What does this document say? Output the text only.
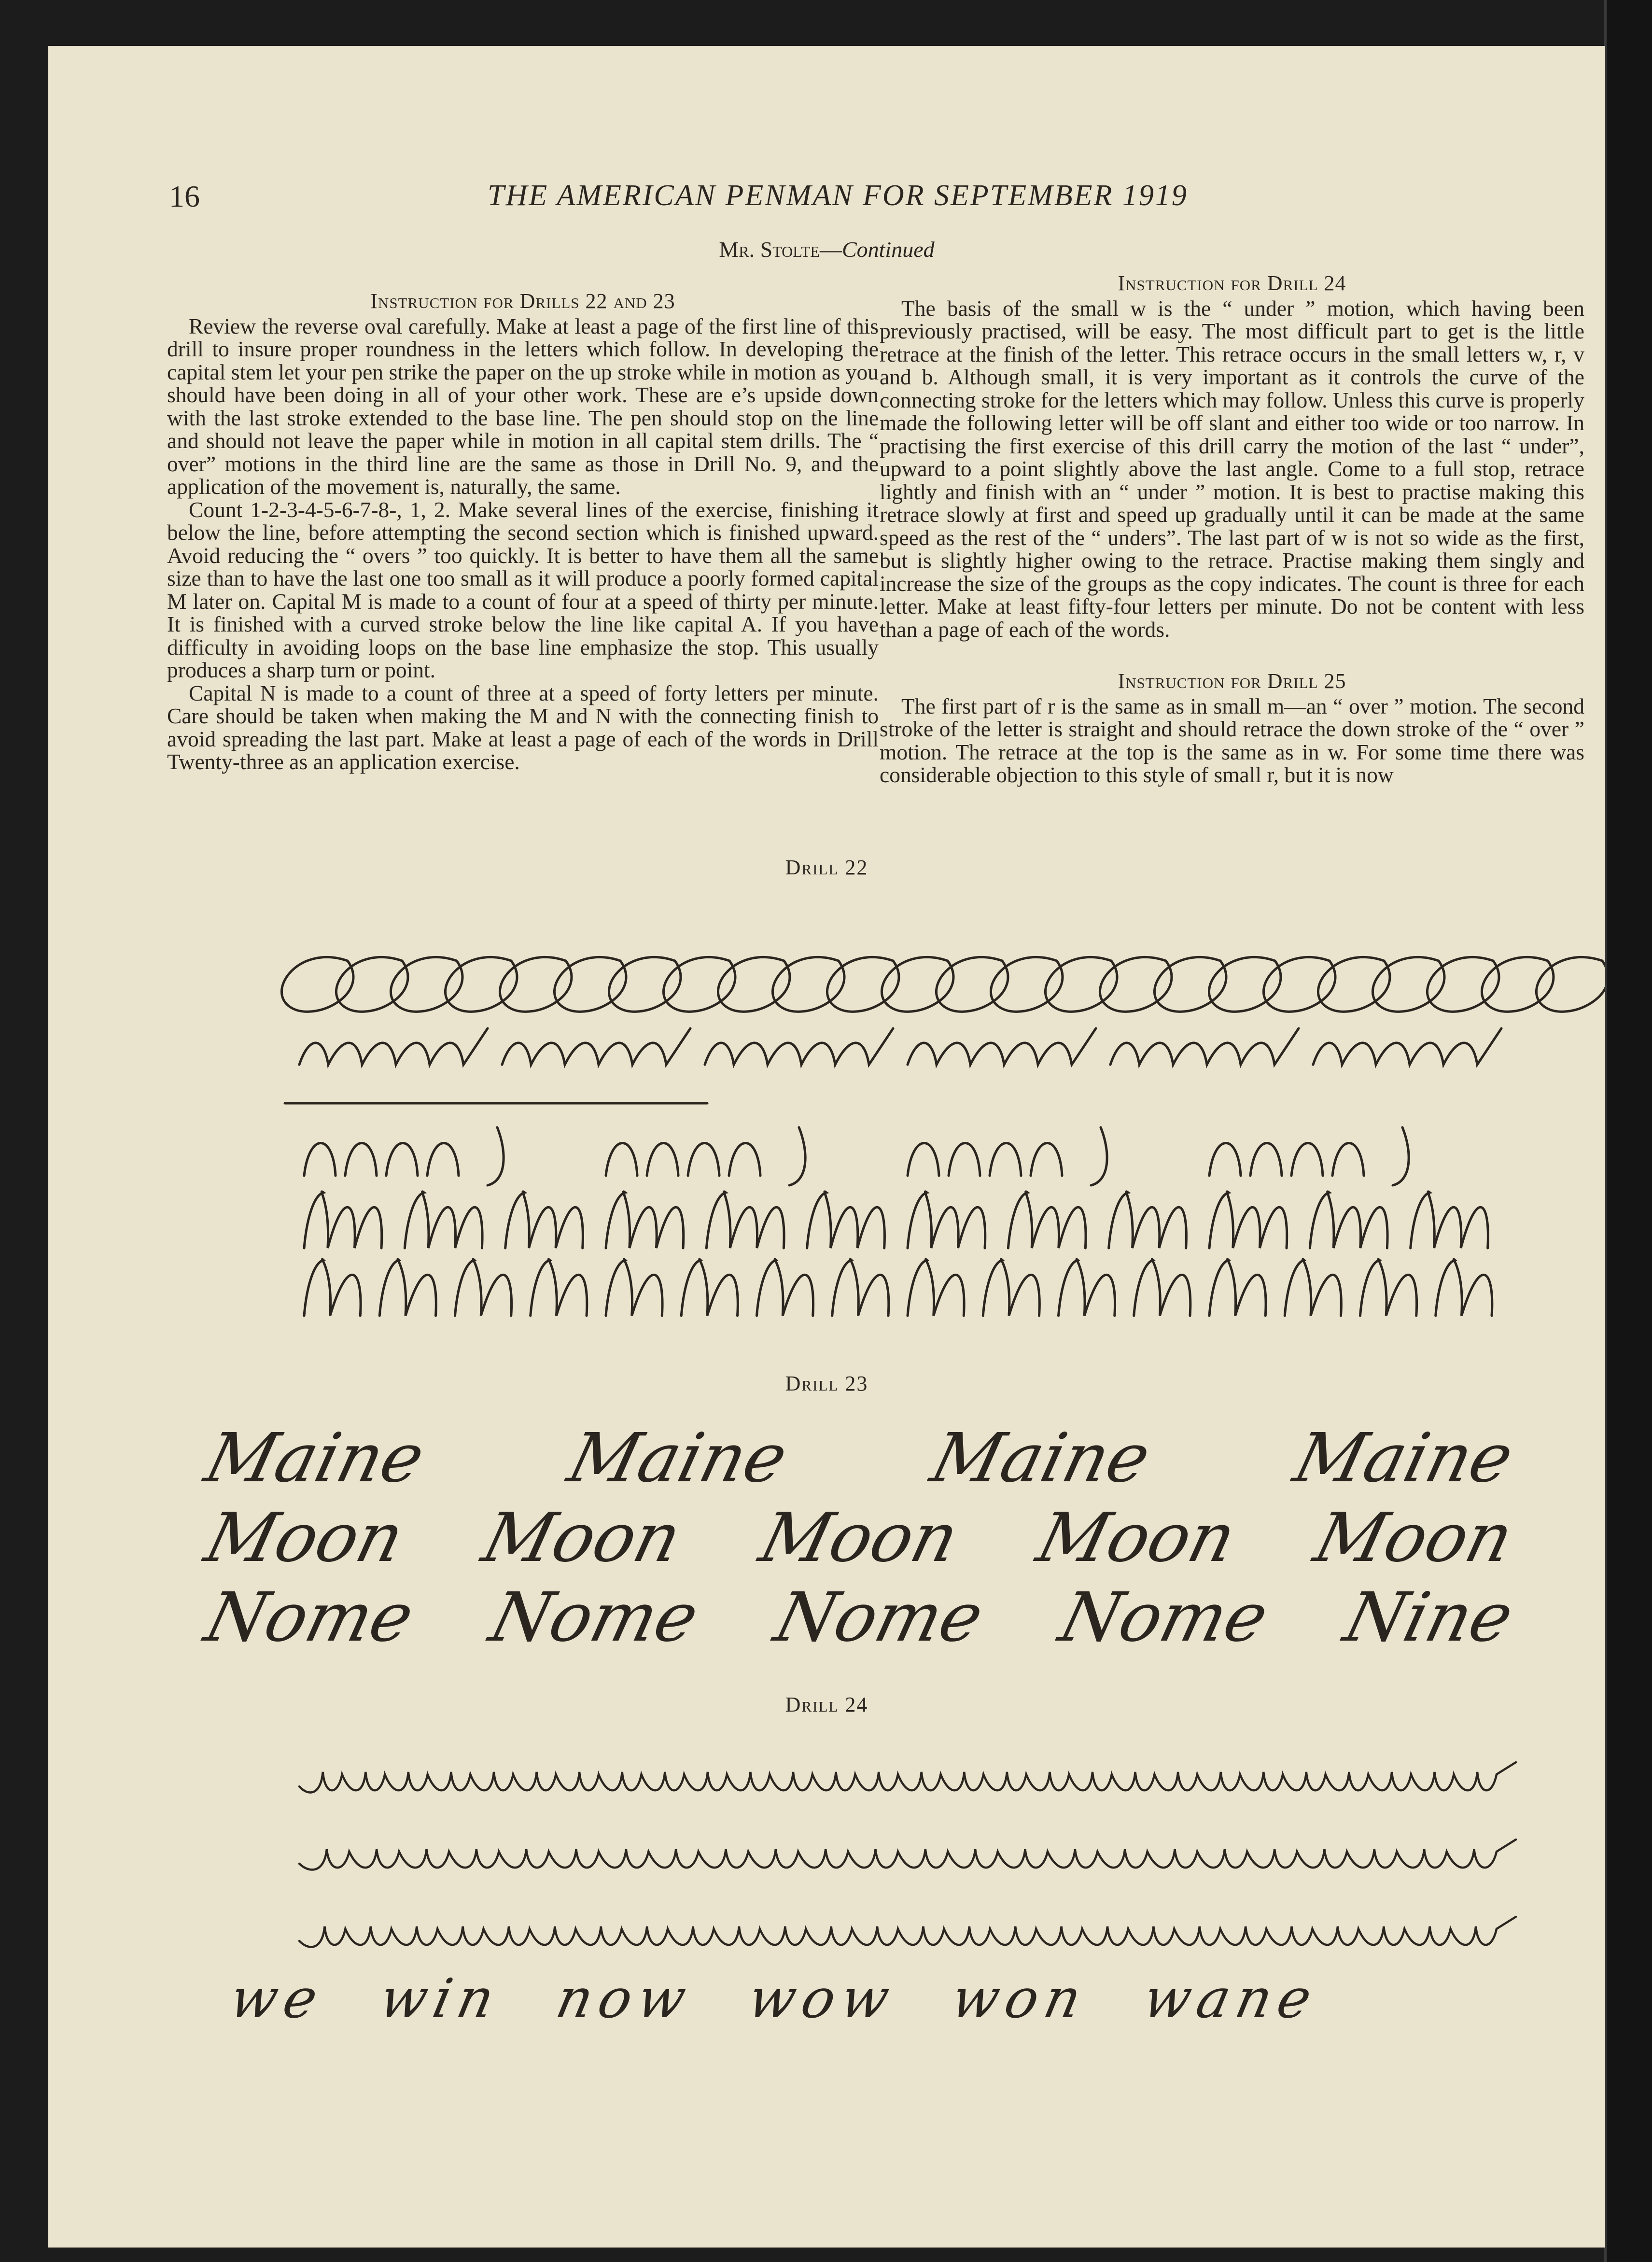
16	THE AMERICAN PENMAN FOR SEPTEMBER 1919
Mr. Stolte—Continued

Instruction for Drills 22 and 23

Review the reverse oval carefully. Make at least a page of the first line of this drill to insure proper roundness in the letters which follow. In developing the capital stem let your pen strike the paper on the up stroke while in motion as you should have been doing in all of your other work. These are e’s upside down with the last stroke extended to the base line. The pen should stop on the line and should not leave the paper while in motion in all capital stem drills. The “ over” motions in the third line are the same as those in Drill No. 9, and the application of the movement is, naturally, the same.

Count 1-2-3-4-5-6-7-8-, 1, 2. Make several lines of the exercise, finishing it below the line, before attempting the second section which is finished upward. Avoid reducing the “ overs ” too quickly. It is better to have them all the same size than to have the last one too small as it will produce a poorly formed capital M later on. Capital M is made to a count of four at a speed of thirty per minute. It is finished with a curved stroke below the line like capital A. If you have difficulty in avoiding loops on the base line emphasize the stop. This usually produces a sharp turn or point.

Capital N is made to a count of three at a speed of forty letters per minute. Care should be taken when making the M and N with the connecting finish to avoid spreading the last part. Make at least a page of each of the words in Drill Twenty-three as an application exercise.

Instruction for Drill 24

The basis of the small w is the “ under ” motion, which having been previously practised, will be easy. The most difficult part to get is the little retrace at the finish of the letter. This retrace occurs in the small letters w, r, v and b. Although small, it is very important as it controls the curve of the connecting stroke for the letters which may follow. Unless this curve is properly made the following letter will be off slant and either too wide or too narrow. In practising the first exercise of this drill carry the motion of the last “ under”, upward to a point slightly above the last angle. Come to a full stop, retrace lightly and finish with an “ under ” motion. It is best to practise making this retrace slowly at first and speed up gradually until it can be made at the same speed as the rest of the “ unders”. The last part of w is not so wide as the first, but is slightly higher owing to the retrace. Practise making them singly and increase the size of the groups as the copy indicates. The count is three for each letter. Make at least fifty-four letters per minute. Do not be content with less than a page of each of the words.

Instruction for Drill 25

The first part of r is the same as in small m—an “ over ” motion. The second stroke of the letter is straight and should retrace the down stroke of the “ over ” motion. The retrace at the top is the same as in w. For some time there was considerable objection to this style of small r, but it is now

Drill 22
Drill 23
Maine Maine Maine Maine
Moon Moon Moon Moon Moon
Nome Nome Nome Nome Nine
Drill 24
we win now wow won wane
